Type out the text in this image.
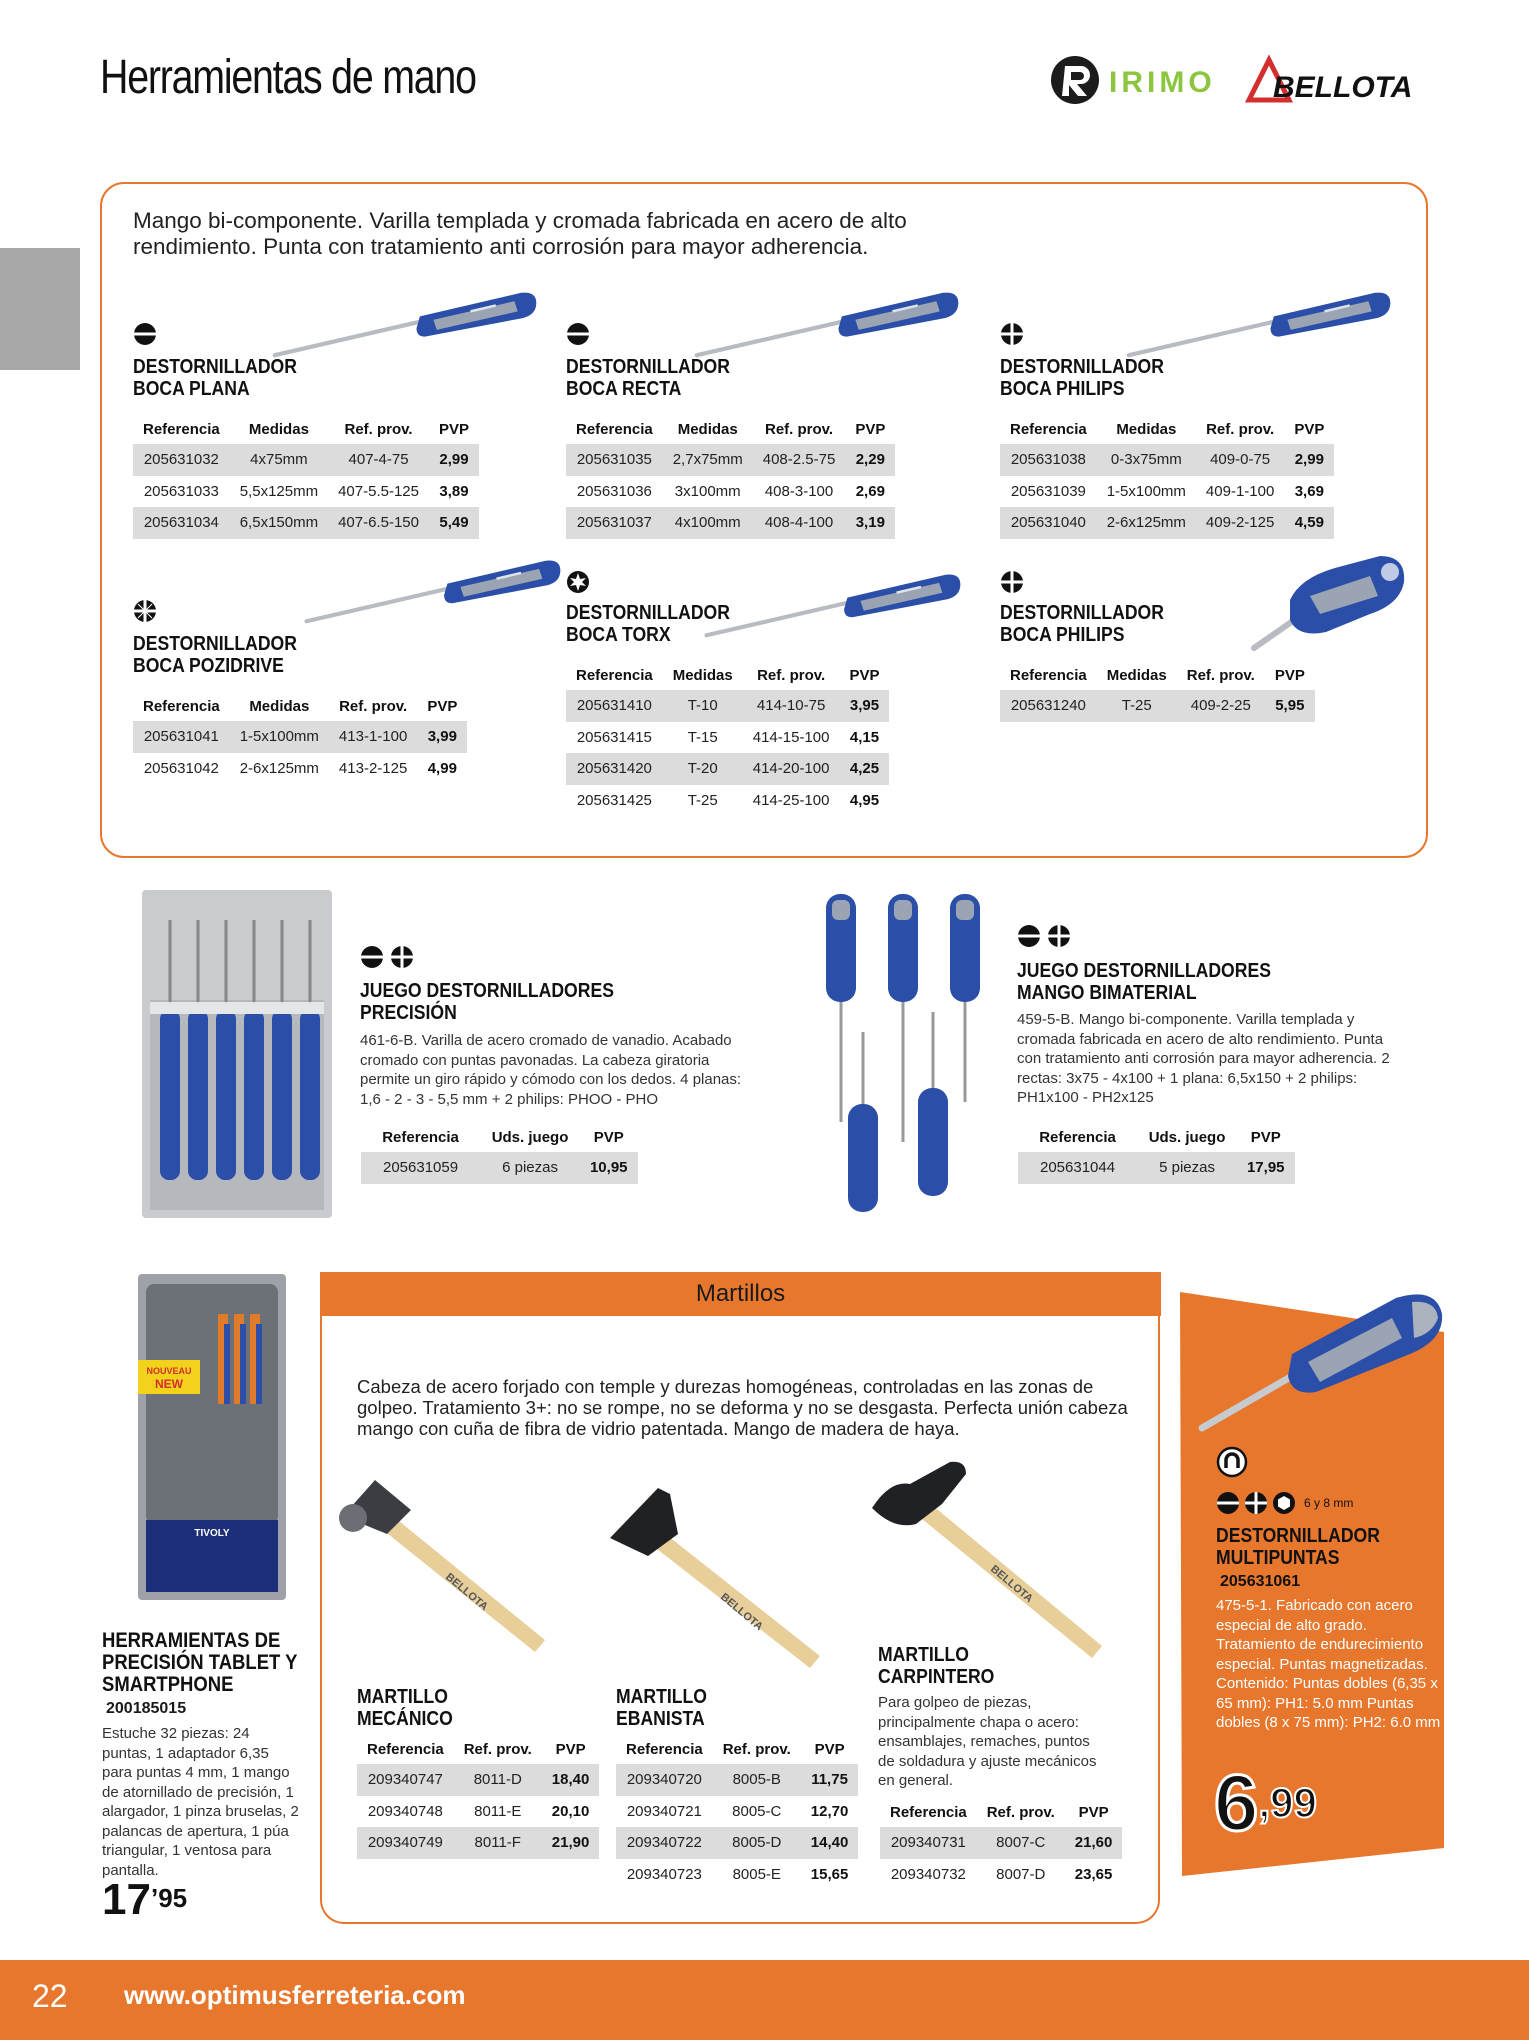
Herramientas de mano	IRIMO BELLOTA
Mango bi-componente. Varilla templada y cromada fabricada en acero de alto rendimiento. Punta con tratamiento anti corrosión para mayor adherencia.
DESTORNILLADOR
BOCA PLANA
Referencia	Medidas	Ref. prov.	PVP
205631032	4x75mm	407-4-75	2,99
205631033	5,5x125mm	407-5.5-125	3,89
205631034	6,5x150mm	407-6.5-150	5,49
DESTORNILLADOR
BOCA RECTA
Referencia	Medidas	Ref. prov.	PVP
205631035	2,7x75mm	408-2.5-75	2,29
205631036	3x100mm	408-3-100	2,69
205631037	4x100mm	408-4-100	3,19
DESTORNILLADOR
BOCA PHILIPS
Referencia	Medidas	Ref. prov.	PVP
205631038	0-3x75mm	409-0-75	2,99
205631039	1-5x100mm	409-1-100	3,69
205631040	2-6x125mm	409-2-125	4,59
DESTORNILLADOR
BOCA POZIDRIVE
Referencia	Medidas	Ref. prov.	PVP
205631041	1-5x100mm	413-1-100	3,99
205631042	2-6x125mm	413-2-125	4,99
DESTORNILLADOR
BOCA TORX
Referencia	Medidas	Ref. prov.	PVP
205631410	T-10	414-10-75	3,95
205631415	T-15	414-15-100	4,15
205631420	T-20	414-20-100	4,25
205631425	T-25	414-25-100	4,95
DESTORNILLADOR
BOCA PHILIPS
Referencia	Medidas	Ref. prov.	PVP
205631240	T-25	409-2-25	5,95
JUEGO DESTORNILLADORES
PRECISIÓN
461-6-B. Varilla de acero cromado de vanadio. Acabado cromado con puntas pavonadas. La cabeza giratoria permite un giro rápido y cómodo con los dedos. 4 planas: 1,6 - 2 - 3 - 5,5 mm + 2 philips: PHOO - PHO
Referencia	Uds. juego	PVP
205631059	6 piezas	10,95
JUEGO DESTORNILLADORES
MANGO BIMATERIAL
459-5-B. Mango bi-componente. Varilla templada y cromada fabricada en acero de alto rendimiento. Punta con tratamiento anti corrosión para mayor adherencia. 2 rectas: 3x75 - 4x100 + 1 plana: 6,5x150 + 2 philips: PH1x100 - PH2x125
Referencia	Uds. juego	PVP
205631044	5 piezas	17,95
NOUVEAU
NEW
TIVOLY
HERRAMIENTAS DE
PRECISIÓN TABLET Y
SMARTPHONE
200185015
Estuche 32 piezas: 24 puntas, 1 adaptador 6,35 para puntas 4 mm, 1 mango de atornillado de precisión, 1 alargador, 1 pinza bruselas, 2 palancas de apertura, 1 púa triangular, 1 ventosa para pantalla.
$17^{’95}$
Martillos
Cabeza de acero forjado con temple y durezas homogéneas, controladas en las zonas de golpeo. Tratamiento 3+: no se rompe, no se deforma y no se desgasta. Perfecta unión cabeza mango con cuña de fibra de vidrio patentada. Mango de madera de haya.
BELLOTA	BELLOTA
BELLOTA
MARTILLO
MECÁNICO
Referencia	Ref. prov.	PVP
209340747	8011-D	18,40
209340748	8011-E	20,10
209340749	8011-F	21,90
MARTILLO
EBANISTA
Referencia	Ref. prov.	PVP
209340720	8005-B	11,75
209340721	8005-C	12,70
209340722	8005-D	14,40
209340723	8005-E	15,65
MARTILLO
CARPINTERO
Para golpeo de piezas, principalmente chapa o acero: ensamblajes, remaches, puntos de soldadura y ajuste mecánicos en general.
Referencia	Ref. prov.	PVP
209340731	8007-C	21,60
209340732	8007-D	23,65
6 y 8 mm
DESTORNILLADOR
MULTIPUNTAS
205631061
475-5-1. Fabricado con acero especial de alto grado. Tratamiento de endurecimiento especial. Puntas magnetizadas. Contenido: Puntas dobles (6,35 x 65 mm): PH1: 5.0 mm Puntas dobles (8 x 75 mm): PH2: 6.0 mm
$6^{,99}$
22 www.optimusferreteria.com
